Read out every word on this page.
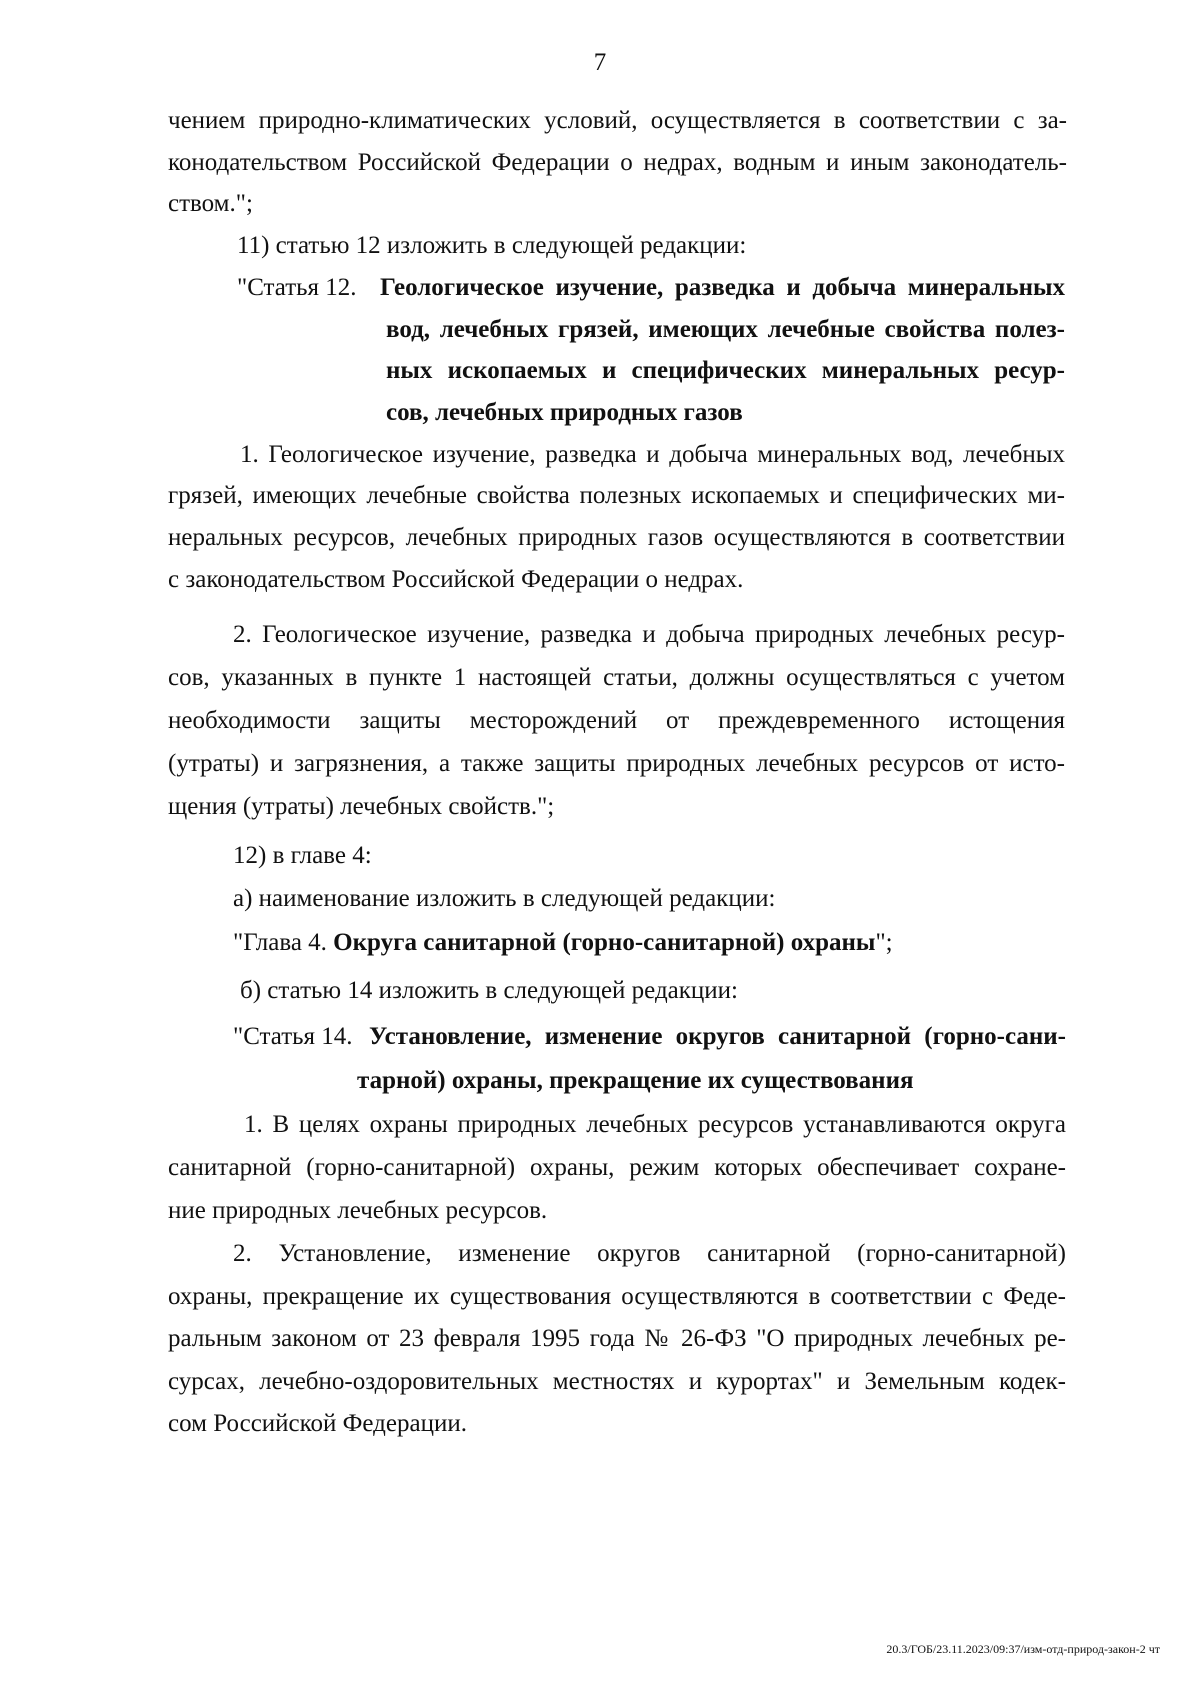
7
чением природно-климатических условий, осуществляется в соответствии с за-
конодательством Российской Федерации о недрах, водным и иным законодатель-
ством.";
11) статью 12 изложить в следующей редакции:
"Статья 12. Геологическое изучение, разведка и добыча минеральных
вод, лечебных грязей, имеющих лечебные свойства полез-
ных ископаемых и специфических минеральных ресур-
сов, лечебных природных газов
1. Геологическое изучение, разведка и добыча минеральных вод, лечебных
грязей, имеющих лечебные свойства полезных ископаемых и специфических ми-
неральных ресурсов, лечебных природных газов осуществляются в соответствии
с законодательством Российской Федерации о недрах.
2. Геологическое изучение, разведка и добыча природных лечебных ресур-
сов, указанных в пункте 1 настоящей статьи, должны осуществляться с учетом
необходимости защиты месторождений от преждевременного истощения
(утраты) и загрязнения, а также защиты природных лечебных ресурсов от исто-
щения (утраты) лечебных свойств.";
12) в главе 4:
а) наименование изложить в следующей редакции:
"Глава 4. Округа санитарной (горно-санитарной) охраны";
б) статью 14 изложить в следующей редакции:
"Статья 14. Установление, изменение округов санитарной (горно-сани-
тарной) охраны, прекращение их существования
1. В целях охраны природных лечебных ресурсов устанавливаются округа
санитарной (горно-санитарной) охраны, режим которых обеспечивает сохране-
ние природных лечебных ресурсов.
2. Установление, изменение округов санитарной (горно-санитарной)
охраны, прекращение их существования осуществляются в соответствии с Феде-
ральным законом от 23 февраля 1995 года № 26-ФЗ "О природных лечебных ре-
сурсах, лечебно-оздоровительных местностях и курортах" и Земельным кодек-
сом Российской Федерации.
20.3/ГОБ/23.11.2023/09:37/изм-отд-природ-закон-2 чт
